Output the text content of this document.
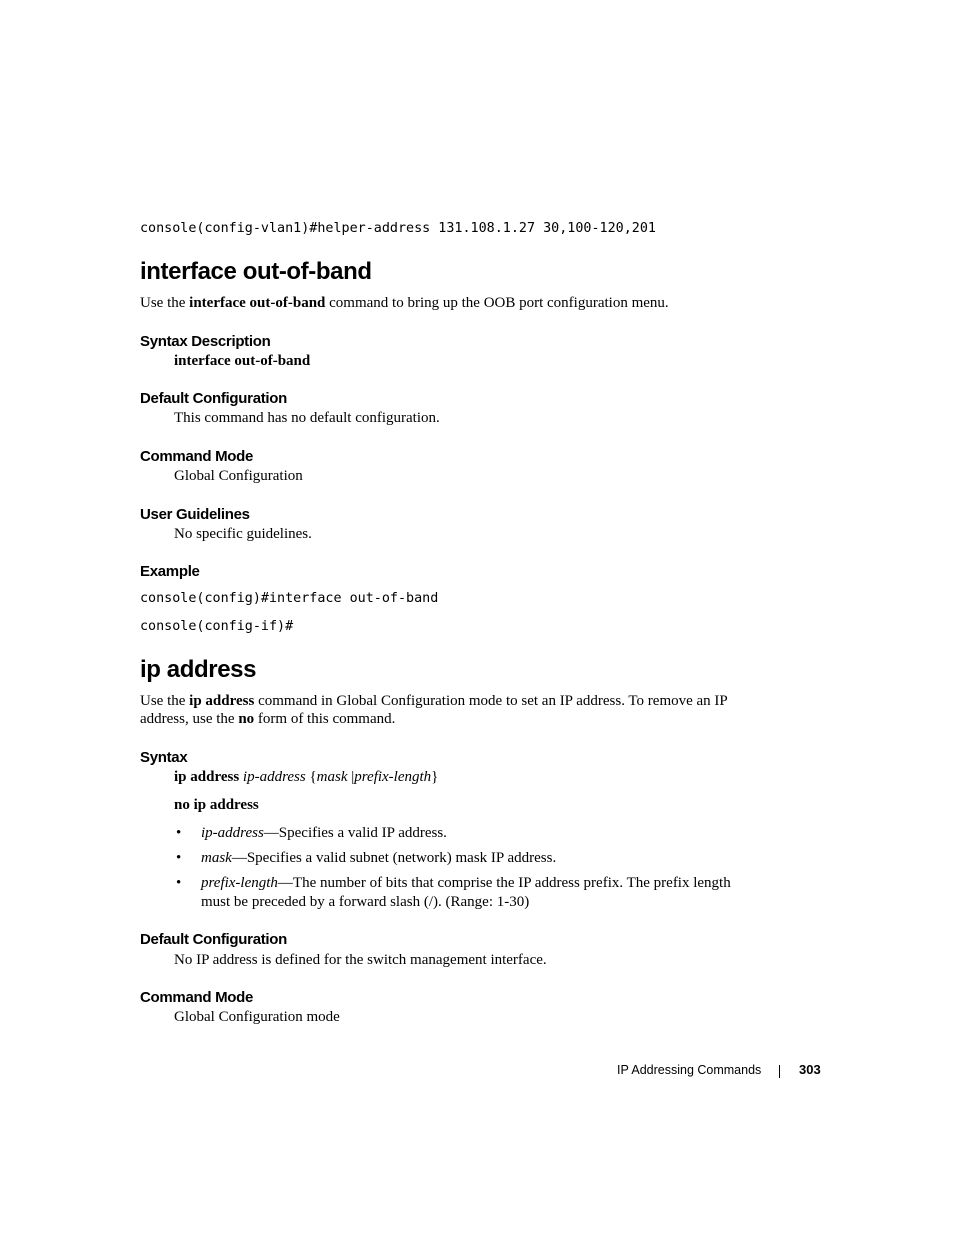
console(config-vlan1)#helper-address 131.108.1.27 30,100-120,201
interface out-of-band
Use the interface out-of-band command to bring up the OOB port configuration menu.
Syntax Description
interface out-of-band
Default Configuration
This command has no default configuration.
Command Mode
Global Configuration
User Guidelines
No specific guidelines.
Example
console(config)#interface out-of-band
console(config-if)#
ip address
Use the ip address command in Global Configuration mode to set an IP address. To remove an IP
address, use the no form of this command.
Syntax
ip address ip-address {mask |prefix-length}
no ip address
• ip-address—Specifies a valid IP address.
• mask—Specifies a valid subnet (network) mask IP address.
• prefix-length—The number of bits that comprise the IP address prefix. The prefix length
must be preceded by a forward slash (/). (Range: 1-30)
Default Configuration
No IP address is defined for the switch management interface.
Command Mode
Global Configuration mode
IP Addressing Commands	303
